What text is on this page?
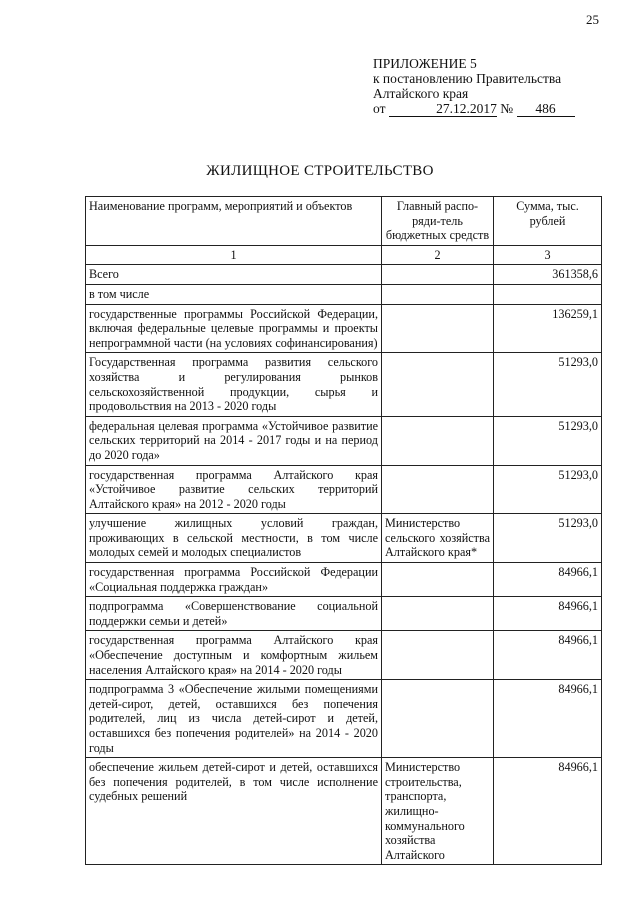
25
ПРИЛОЖЕНИЕ 5
к постановлению Правительства
Алтайского края
от	27.12.2017 № 486
ЖИЛИЩНОЕ СТРОИТЕЛЬСТВО
Наименование программ, мероприятий и объектов	Главный распо-ряди-тель бюджетных средств	Сумма, тыс. рублей
1	2	3
Всего		361358,6
в том числе		
государственные программы Российской Федерации, включая федеральные целевые программы и проекты непрограммной части (на условиях софинансирования)		136259,1
Государственная программа развития сельского хозяйства и регулирования рынков сельскохозяйственной продукции, сырья и продовольствия на 2013 - 2020 годы		51293,0
федеральная целевая программа «Устойчивое развитие сельских территорий на 2014 - 2017 годы и на период до 2020 года»		51293,0
государственная программа Алтайского края «Устойчивое развитие сельских территорий Алтайского края» на 2012 - 2020 годы		51293,0
улучшение жилищных условий граждан, проживающих в сельской местности, в том числе молодых семей и молодых специалистов	Министерство сельского хозяйства Алтайского края*	51293,0
государственная программа Российской Федерации «Социальная поддержка граждан»		84966,1
подпрограмма «Совершенствование социальной поддержки семьи и детей»		84966,1
государственная программа Алтайского края «Обеспечение доступным и комфортным жильем населения Алтайского края» на 2014 - 2020 годы		84966,1
подпрограмма 3 «Обеспечение жилыми помещениями детей-сирот, детей, оставшихся без попечения родителей, лиц из числа детей-сирот и детей, оставшихся без попечения родителей» на 2014 - 2020 годы		84966,1
обеспечение жильем детей-сирот и детей, оставшихся без попечения родителей, в том числе исполнение судебных решений	Министерство строительства, транспорта, жилищно-коммунального хозяйства Алтайского	84966,1
